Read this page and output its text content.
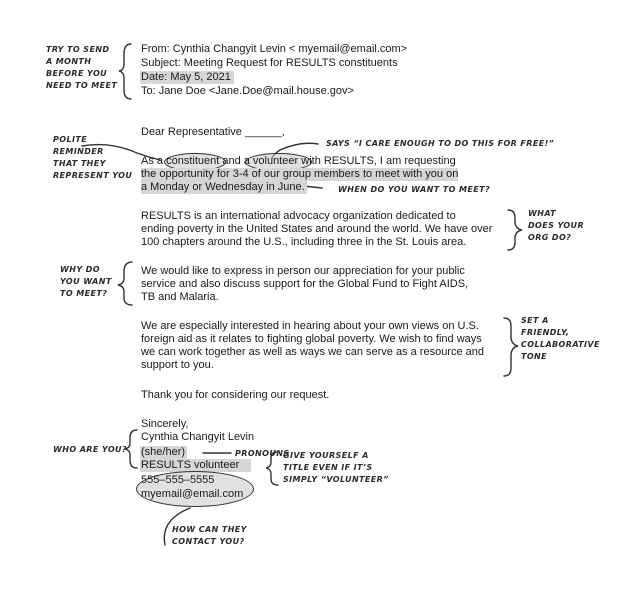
From: Cynthia Changyit Levin < myemail@email.com>
Subject: Meeting Request for RESULTS constituents
Date: May 5, 2021
To: Jane Doe <Jane.Doe@mail.house.gov>
Dear Representative ______,
As a constituent and a volunteer with RESULTS, I am requesting
the opportunity for 3-4 of our group members to meet with you on
a Monday or Wednesday in June.
RESULTS is an international advocacy organization dedicated to
ending poverty in the United States and around the world. We have over
100 chapters around the U.S., including three in the St. Louis area.
We would like to express in person our appreciation for your public
service and also discuss support for the Global Fund to Fight AIDS,
TB and Malaria.
We are especially interested in hearing about your own views on U.S.
foreign aid as it relates to fighting global poverty. We wish to find ways
we can work together as well as ways we can serve as a resource and
support to you.
Thank you for considering our request.
Sincerely,
Cynthia Changyit Levin
(she/her)
RESULTS volunteer
555–555–5555
myemail@email.com
TRY TO SEND
A MONTH
BEFORE YOU
NEED TO MEET
POLITE
REMINDER
THAT THEY
REPRESENT YOU
SAYS “I CARE ENOUGH TO DO THIS FOR FREE!”
WHEN DO YOU WANT TO MEET?
WHAT
DOES YOUR
ORG DO?
WHY DO
YOU WANT
TO MEET?
SET A
FRIENDLY,
COLLABORATIVE
TONE
WHO ARE YOU?	PRONOUNS
GIVE YOURSELF A
TITLE EVEN IF IT’S
SIMPLY “VOLUNTEER”
HOW CAN THEY
CONTACT YOU?
